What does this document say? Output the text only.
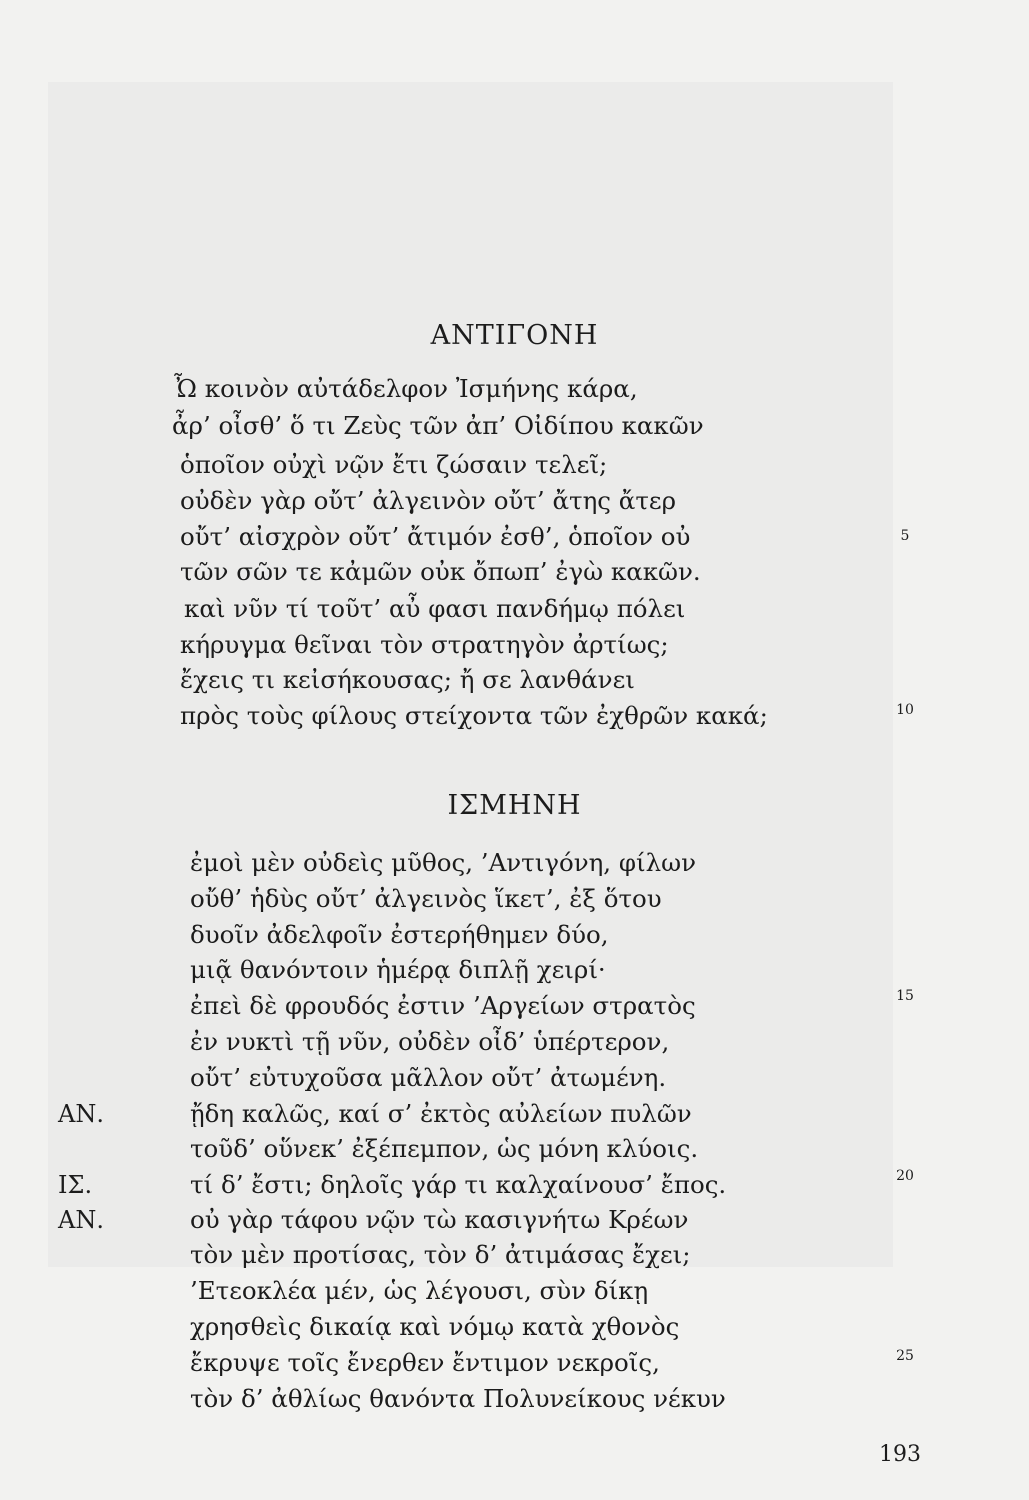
ΑΝΤΙΓΟΝΗ
Ὦ κοινὸν αὐτάδελφον Ἰσμήνης κάρα,
ἆρ’ οἶσθ’ ὅ τι Ζεὺς τῶν ἀπ’ Οἰδίπου κακῶν
ὁποῖον οὐχὶ νῷν ἔτι ζώσαιν τελεῖ;
οὐδὲν γὰρ οὔτ’ ἀλγεινὸν οὔτ’ ἄτης ἄτερ
οὔτ’ αἰσχρὸν οὔτ’ ἄτιμόν ἐσθ’, ὁποῖον οὐ	5
τῶν σῶν τε κἀμῶν οὐκ ὄπωπ’ ἐγὼ κακῶν.
καὶ νῦν τί τοῦτ’ αὖ φασι πανδήμῳ πόλει
κήρυγμα θεῖναι τὸν στρατηγὸν ἀρτίως;
ἔχεις τι κεἰσήκουσας; ἤ σε λανθάνει
πρὸς τοὺς φίλους στείχοντα τῶν ἐχθρῶν κακά;	10
ΙΣΜΗΝΗ
ἐμοὶ μὲν οὐδεὶς μῦθος, ’Αντιγόνη, φίλων
οὔθ’ ἡδὺς οὔτ’ ἀλγεινὸς ἵκετ’, ἐξ ὅτου
δυοῖν ἀδελφοῖν ἐστερήθημεν δύο,
μιᾷ θανόντοιν ἡμέρᾳ διπλῇ χειρί·
ἐπεὶ δὲ φρουδός ἐστιν ’Αργείων στρατὸς	15
ἐν νυκτὶ τῇ νῦν, οὐδὲν οἶδ’ ὑπέρτερον,
οὔτ’ εὐτυχοῦσα μᾶλλον οὔτ’ ἀτωμένη.
ΑΝ.	ᾔδη καλῶς, καί σ’ ἐκτὸς αὐλείων πυλῶν
τοῦδ’ οὕνεκ’ ἐξέπεμπον, ὡς μόνη κλύοις.
ΙΣ.	τί δ’ ἔστι; δηλοῖς γάρ τι καλχαίνουσ’ ἔπος.	20
ΑΝ.	οὐ γὰρ τάφου νῷν τὼ κασιγνήτω Κρέων
τὸν μὲν προτίσας, τὸν δ’ ἀτιμάσας ἔχει;
’Ετεοκλέα μέν, ὡς λέγουσι, σὺν δίκῃ
χρησθεὶς δικαίᾳ καὶ νόμῳ κατὰ χθονὸς
ἔκρυψε τοῖς ἔνερθεν ἔντιμον νεκροῖς,	25
τὸν δ’ ἀθλίως θανόντα Πολυνείκους νέκυν
193
